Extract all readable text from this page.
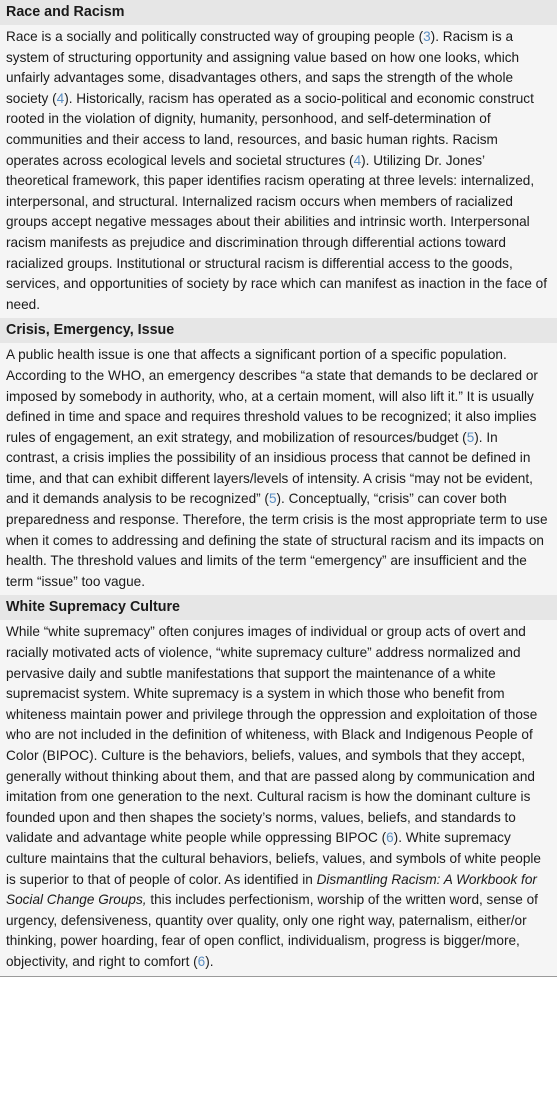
Race and Racism

Race is a socially and politically constructed way of grouping people (3). Racism is a system of structuring opportunity and assigning value based on how one looks, which unfairly advantages some, disadvantages others, and saps the strength of the whole society (4). Historically, racism has operated as a socio-political and economic construct rooted in the violation of dignity, humanity, personhood, and self-determination of communities and their access to land, resources, and basic human rights. Racism operates across ecological levels and societal structures (4). Utilizing Dr. Jones’ theoretical framework, this paper identifies racism operating at three levels: internalized, interpersonal, and structural. Internalized racism occurs when members of racialized groups accept negative messages about their abilities and intrinsic worth. Interpersonal racism manifests as prejudice and discrimination through differential actions toward racialized groups. Institutional or structural racism is differential access to the goods, services, and opportunities of society by race which can manifest as inaction in the face of need.

Crisis, Emergency, Issue

A public health issue is one that affects a significant portion of a specific population. According to the WHO, an emergency describes “a state that demands to be declared or imposed by somebody in authority, who, at a certain moment, will also lift it.” It is usually defined in time and space and requires threshold values to be recognized; it also implies rules of engagement, an exit strategy, and mobilization of resources/budget (5). In contrast, a crisis implies the possibility of an insidious process that cannot be defined in time, and that can exhibit different layers/levels of intensity. A crisis “may not be evident, and it demands analysis to be recognized” (5). Conceptually, “crisis” can cover both preparedness and response. Therefore, the term crisis is the most appropriate term to use when it comes to addressing and defining the state of structural racism and its impacts on health. The threshold values and limits of the term “emergency” are insufficient and the term “issue” too vague.

White Supremacy Culture

While “white supremacy” often conjures images of individual or group acts of overt and racially motivated acts of violence, “white supremacy culture” address normalized and pervasive daily and subtle manifestations that support the maintenance of a white supremacist system. White supremacy is a system in which those who benefit from whiteness maintain power and privilege through the oppression and exploitation of those who are not included in the definition of whiteness, with Black and Indigenous People of Color (BIPOC). Culture is the behaviors, beliefs, values, and symbols that they accept, generally without thinking about them, and that are passed along by communication and imitation from one generation to the next. Cultural racism is how the dominant culture is founded upon and then shapes the society’s norms, values, beliefs, and standards to validate and advantage white people while oppressing BIPOC (6). White supremacy culture maintains that the cultural behaviors, beliefs, values, and symbols of white people is superior to that of people of color. As identified in Dismantling Racism: A Workbook for Social Change Groups, this includes perfectionism, worship of the written word, sense of urgency, defensiveness, quantity over quality, only one right way, paternalism, either/or thinking, power hoarding, fear of open conflict, individualism, progress is bigger/more, objectivity, and right to comfort (6).
